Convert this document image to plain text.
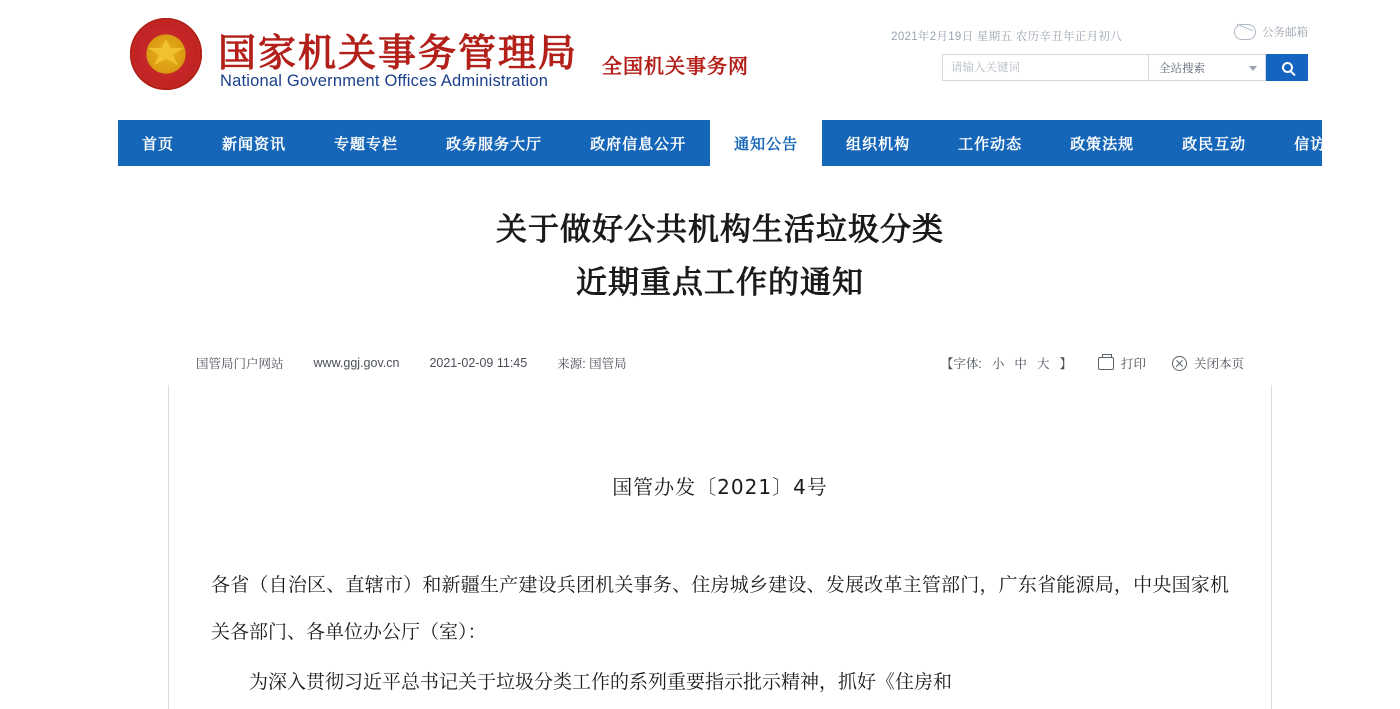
国家机关事务管理局
National Government Offices Administration
全国机关事务网
2021年2月19日 星期五 农历辛丑年正月初八	公务邮箱
请输入关键词
全站搜索
首页	新闻资讯	专题专栏	政务服务大厅	政府信息公开	通知公告	组织机构	工作动态	政策法规	政民互动	信访举报
关于做好公共机构生活垃圾分类
近期重点工作的通知
国管局门户网站 www.ggj.gov.cn 2021-02-09 11:45 来源: 国管局	【字体: 小 中 大 】	打印	关闭本页
国管办发〔2021〕4号
各省（自治区、直辖市）和新疆生产建设兵团机关事务、住房城乡建设、发展改革主管部门，广东省能源局，中央国家机关各部门、各单位办公厅（室）：
为深入贯彻习近平总书记关于垃圾分类工作的系列重要指示批示精神，抓好《住房和
